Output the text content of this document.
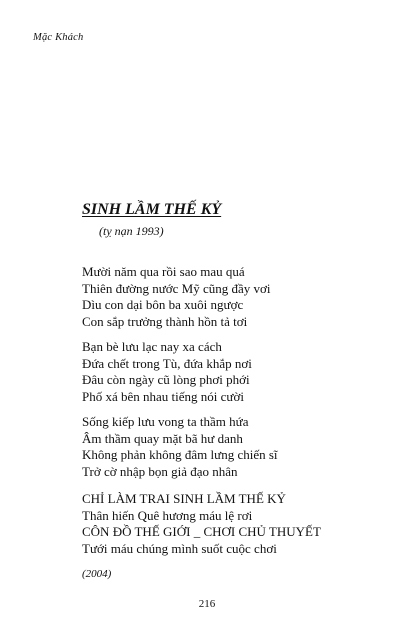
Mặc Khách
SINH LẦM THẾ KỶ
(tỵ nạn 1993)
Mười năm qua rồi sao mau quá
Thiên đường nước Mỹ cũng đầy vơi
Dìu con dại bôn ba xuôi ngược
Con sắp trưởng thành hồn tả tơi
Bạn bè lưu lạc nay xa cách
Đứa chết trong Tù, đứa khắp nơi
Đâu còn ngày cũ lòng phơi phới
Phố xá bên nhau tiếng nói cười
Sống kiếp lưu vong ta thầm hứa
Âm thầm quay mặt bã hư danh
Không phản không đâm lưng chiến sĩ
Trở cờ nhập bọn giả đạo nhân
CHỈ LÀM TRAI SINH LẦM THẾ KỶ
Thân hiến Quê hương máu lệ rơi
CÔN ĐỒ THẾ GIỚI _ CHƠI CHỦ THUYẾT
Tưới máu chúng mình suốt cuộc chơi
(2004)
216
